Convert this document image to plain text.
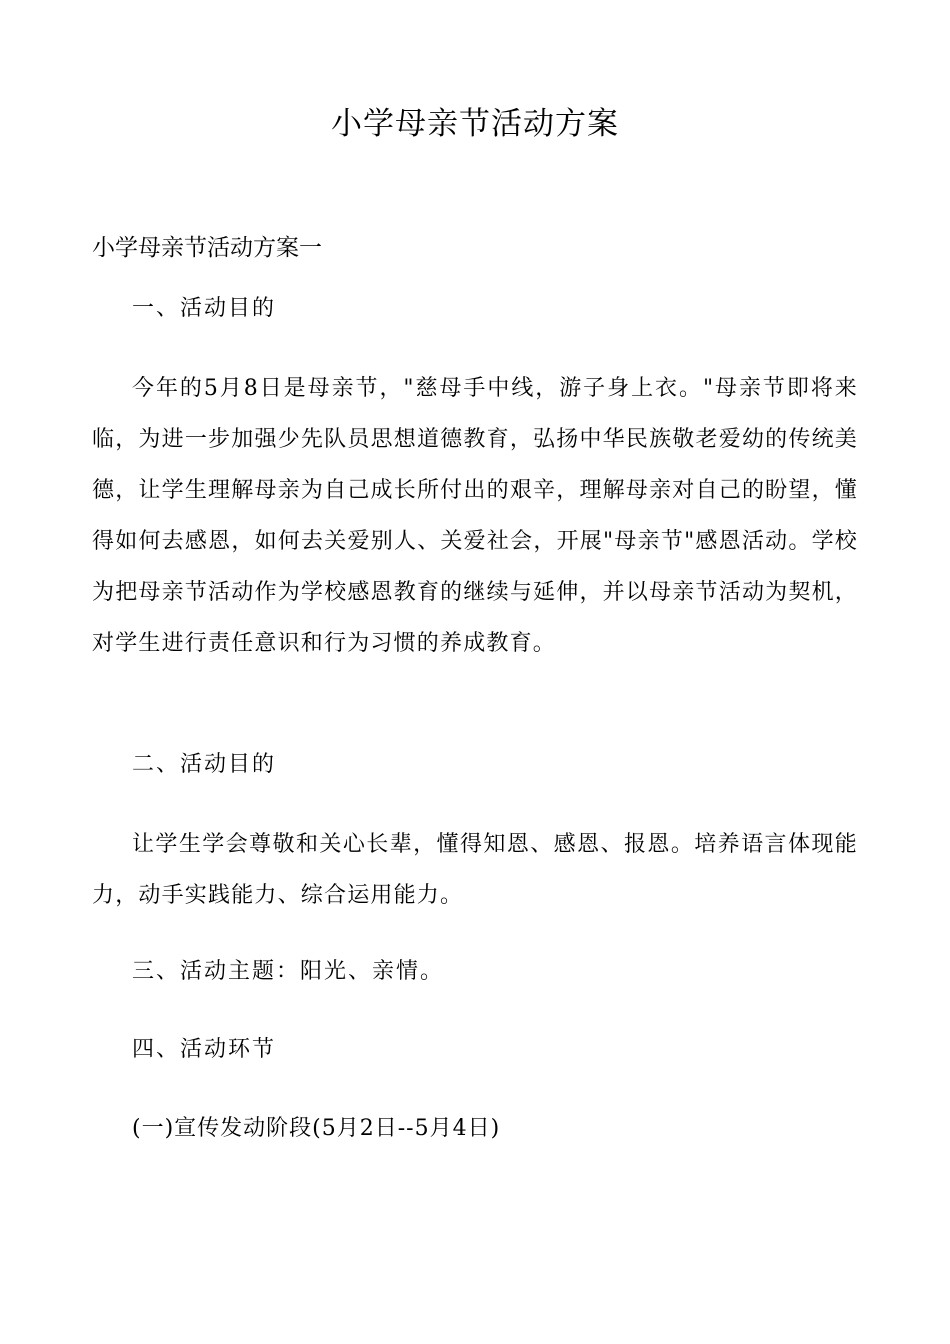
小学母亲节活动方案
小学母亲节活动方案一
一、活动目的
今年的5月8日是母亲节，"慈母手中线，游子身上衣。"母亲节即将来临，为进一步加强少先队员思想道德教育，弘扬中华民族敬老爱幼的传统美德，让学生理解母亲为自己成长所付出的艰辛，理解母亲对自己的盼望，懂得如何去感恩，如何去关爱别人、关爱社会，开展"母亲节"感恩活动。学校为把母亲节活动作为学校感恩教育的继续与延伸，并以母亲节活动为契机，对学生进行责任意识和行为习惯的养成教育。
二、活动目的
让学生学会尊敬和关心长辈，懂得知恩、感恩、报恩。培养语言体现能力，动手实践能力、综合运用能力。
三、活动主题：阳光、亲情。
四、活动环节
(一)宣传发动阶段(5月2日--5月4日)
